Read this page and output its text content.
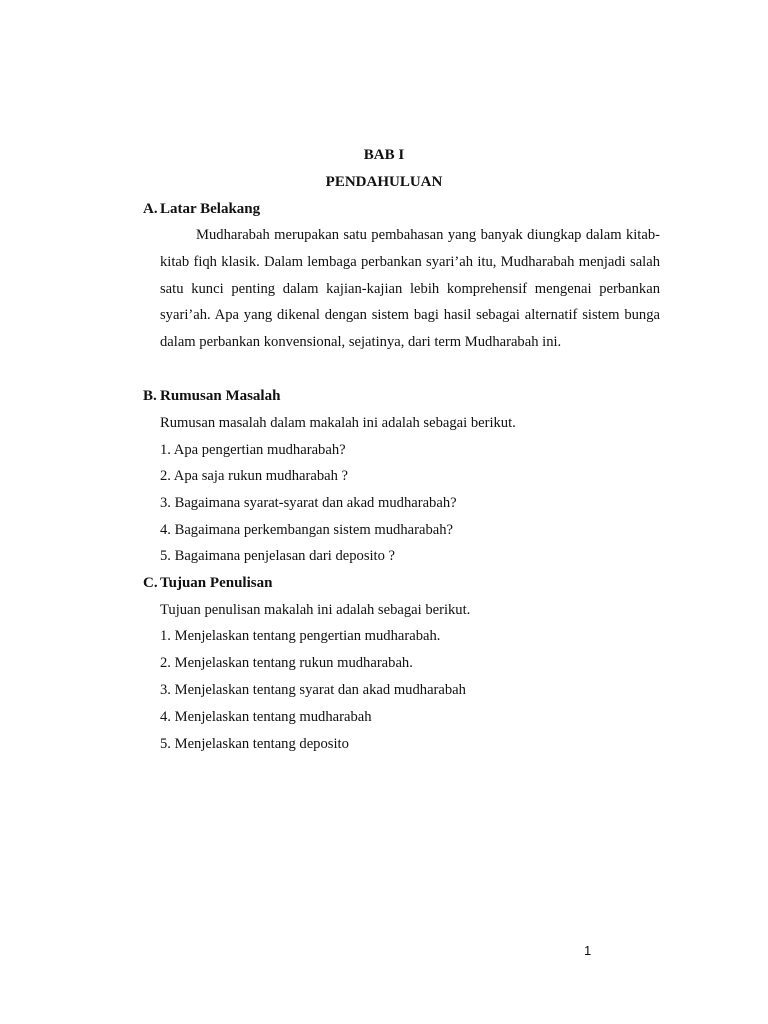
BAB I
PENDAHULUAN
A. Latar Belakang
Mudharabah merupakan satu pembahasan yang banyak diungkap dalam kitab-kitab fiqh klasik. Dalam lembaga perbankan syari’ah itu, Mudharabah menjadi salah satu kunci penting dalam kajian-kajian lebih komprehensif mengenai perbankan syari’ah. Apa yang dikenal dengan sistem bagi hasil sebagai alternatif sistem bunga dalam perbankan konvensional, sejatinya, dari term Mudharabah ini.
B. Rumusan Masalah
Rumusan masalah dalam makalah ini adalah sebagai berikut.
1. Apa pengertian mudharabah?
2. Apa saja rukun mudharabah ?
3. Bagaimana syarat-syarat dan akad mudharabah?
4. Bagaimana perkembangan sistem mudharabah?
5. Bagaimana penjelasan dari deposito ?
C. Tujuan Penulisan
Tujuan penulisan makalah ini adalah sebagai berikut.
1. Menjelaskan tentang pengertian mudharabah.
2. Menjelaskan tentang rukun mudharabah.
3. Menjelaskan tentang syarat dan akad mudharabah
4. Menjelaskan tentang mudharabah
5. Menjelaskan tentang deposito
1
